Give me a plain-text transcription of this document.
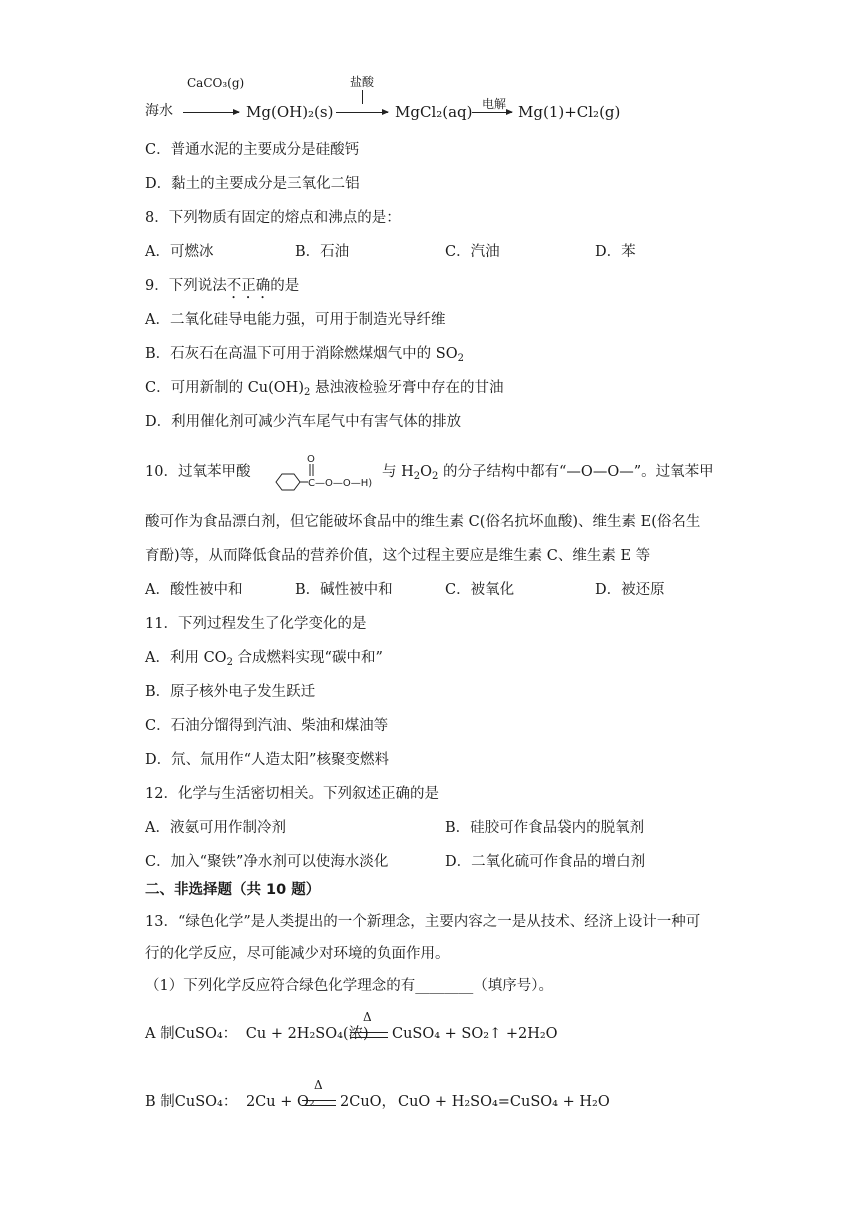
海水
CaCO₃(g)
Mg(OH)₂(s)
盐酸
MgCl₂(aq) 电解 Mg(1)+Cl₂(g)
C．普通水泥的主要成分是硅酸钙
D．黏土的主要成分是三氧化二铝
8．下列物质有固定的熔点和沸点的是：
A．可燃冰	B．石油	C．汽油	D．苯
9．下列说法不正确的是
A．二氧化硅导电能力强，可用于制造光导纤维
B．石灰石在高温下可用于消除燃煤烟气中的 $SO_2$
C．可用新制的 $Cu(OH)_2$ 悬浊液检验牙膏中存在的甘油
D．利用催化剂可减少汽车尾气中有害气体的排放
10．过氧苯甲酸
O
C—O—O—H)
与 $H_2O_2$ 的分子结构中都有“—O—O—”。过氧苯甲
酸可作为食品漂白剂，但它能破坏食品中的维生素 C(俗名抗坏血酸)、维生素 E(俗名生
育酚)等，从而降低食品的营养价值，这个过程主要应是维生素 C、维生素 E 等
A．酸性被中和	B．碱性被中和	C．被氧化	D．被还原
11．下列过程发生了化学变化的是
A．利用 $CO_2$ 合成燃料实现“碳中和”
B．原子核外电子发生跃迁
C．石油分馏得到汽油、柴油和煤油等
D．氘、氚用作“人造太阳”核聚变燃料
12．化学与生活密切相关。下列叙述正确的是
A．液氨可用作制冷剂	B．硅胶可作食品袋内的脱氧剂
C．加入“聚铁”净水剂可以使海水淡化	D．二氧化硫可作食品的增白剂
二、非选择题（共 10 题）
13．“绿色化学”是人类提出的一个新理念，主要内容之一是从技术、经济上设计一种可
行的化学反应，尽可能减少对环境的负面作用。
（1）下列化学反应符合绿色化学理念的有________（填序号）。
A 制CuSO₄： Cu + 2H₂SO₄(浓)
Δ
CuSO₄ + SO₂↑ +2H₂O
B 制CuSO₄： 2Cu + O₂
Δ
2CuO， CuO + H₂SO₄=CuSO₄ + H₂O
